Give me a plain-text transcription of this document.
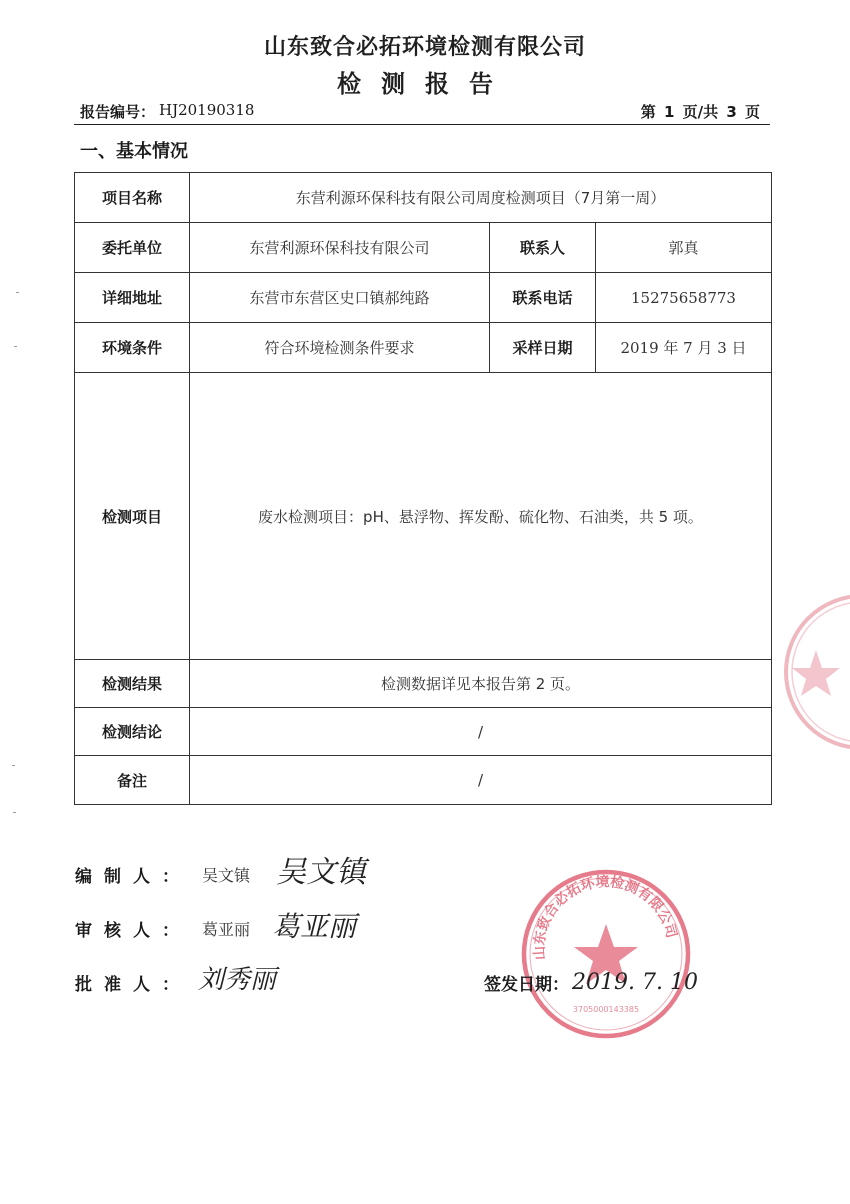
山东致合必拓环境检测有限公司
检测报告
报告编号： HJ20190318	第 1 页/共 3 页
一、基本情况
项目名称	东营利源环保科技有限公司周度检测项目（7月第一周）		
委托单位	东营利源环保科技有限公司	联系人	郭真
详细地址	东营市东营区史口镇郝纯路	联系电话	15275658773
环境条件	符合环境检测条件要求	采样日期	2019 年 7 月 3 日
检测项目	废水检测项目：pH、悬浮物、挥发酚、硫化物、石油类，共 5 项。		
检测结果	检测数据详见本报告第 2 页。		
检测结论	/		
备注	/		
山东致合必拓环境检测有限公司
3705000143385
编制人： 吴文镇 吴文镇
审核人： 葛亚丽 葛亚丽
批准人： 刘秀丽	签发日期： 2019. 7. 10
